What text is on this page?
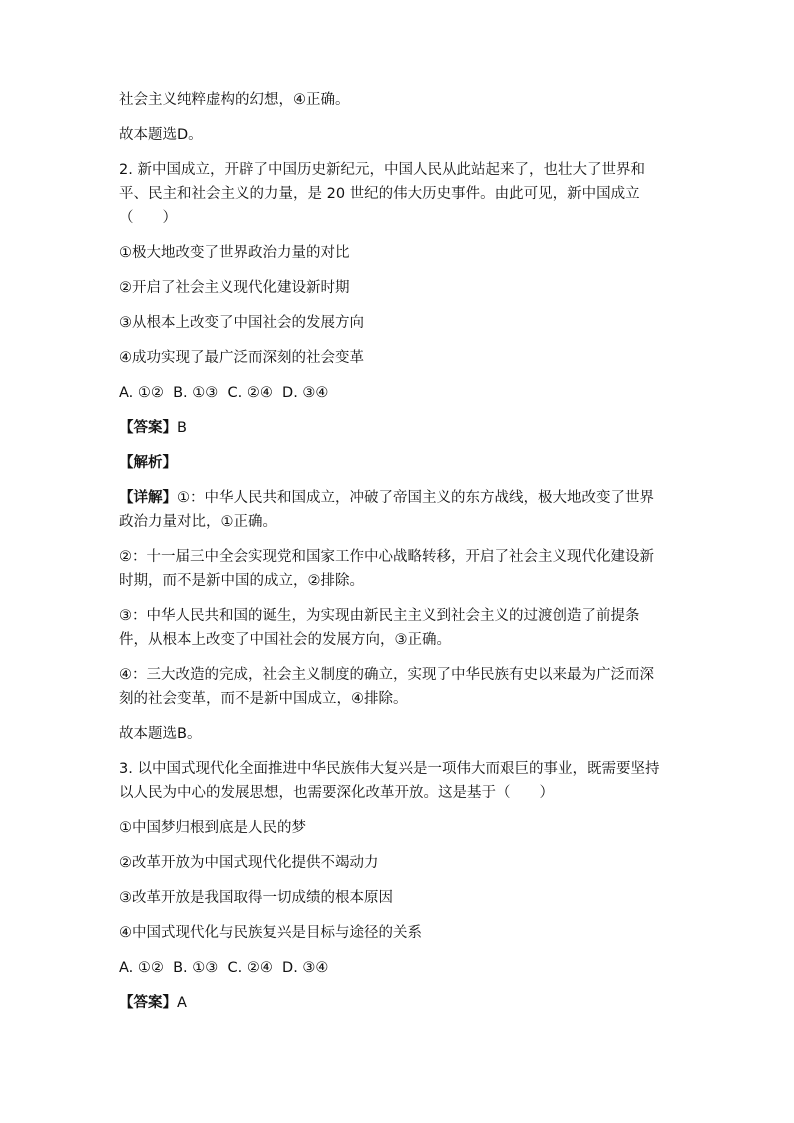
社会主义纯粹虚构的幻想，④正确。

故本题选D。

2. 新中国成立，开辟了中国历史新纪元，中国人民从此站起来了，也壮大了世界和
平、民主和社会主义的力量，是 20 世纪的伟大历史事件。由此可见，新中国成立
（　　）

①极大地改变了世界政治力量的对比

②开启了社会主义现代化建设新时期

③从根本上改变了中国社会的发展方向

④成功实现了最广泛而深刻的社会变革

A. ①②  B. ①③  C. ②④  D. ③④

【答案】B

【解析】

【详解】①：中华人民共和国成立，冲破了帝国主义的东方战线，极大地改变了世界
政治力量对比，①正确。

②：十一届三中全会实现党和国家工作中心战略转移，开启了社会主义现代化建设新
时期，而不是新中国的成立，②排除。

③：中华人民共和国的诞生，为实现由新民主主义到社会主义的过渡创造了前提条
件，从根本上改变了中国社会的发展方向，③正确。

④：三大改造的完成，社会主义制度的确立，实现了中华民族有史以来最为广泛而深
刻的社会变革，而不是新中国成立，④排除。

故本题选B。

3. 以中国式现代化全面推进中华民族伟大复兴是一项伟大而艰巨的事业，既需要坚持
以人民为中心的发展思想，也需要深化改革开放。这是基于（　　）

①中国梦归根到底是人民的梦

②改革开放为中国式现代化提供不竭动力

③改革开放是我国取得一切成绩的根本原因

④中国式现代化与民族复兴是目标与途径的关系

A. ①②  B. ①③  C. ②④  D. ③④

【答案】A
